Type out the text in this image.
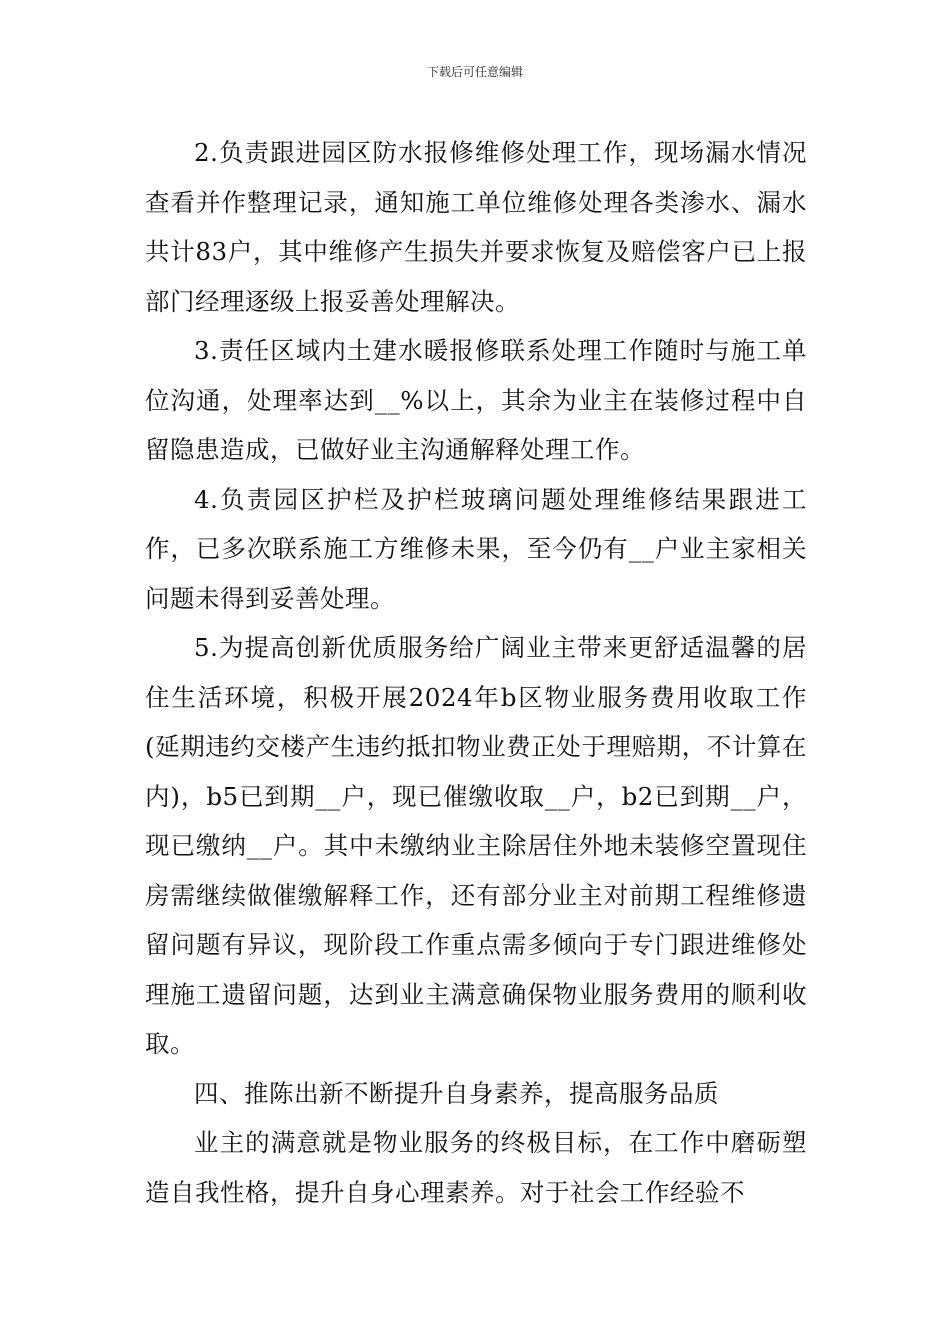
下载后可任意编辑

2.负责跟进园区防水报修维修处理工作，现场漏水情况查看并作整理记录，通知施工单位维修处理各类渗水、漏水共计83户，其中维修产生损失并要求恢复及赔偿客户已上报部门经理逐级上报妥善处理解决。

3.责任区域内土建水暖报修联系处理工作随时与施工单位沟通，处理率达到__%以上，其余为业主在装修过程中自留隐患造成，已做好业主沟通解释处理工作。

4.负责园区护栏及护栏玻璃问题处理维修结果跟进工作，已多次联系施工方维修未果，至今仍有__户业主家相关问题未得到妥善处理。

5.为提高创新优质服务给广阔业主带来更舒适温馨的居住生活环境，积极开展2024年b区物业服务费用收取工作(延期违约交楼产生违约抵扣物业费正处于理赔期，不计算在内)，b5已到期__户，现已催缴收取__户，b2已到期__户，现已缴纳__户。其中未缴纳业主除居住外地未装修空置现住房需继续做催缴解释工作，还有部分业主对前期工程维修遗留问题有异议，现阶段工作重点需多倾向于专门跟进维修处理施工遗留问题，达到业主满意确保物业服务费用的顺利收取。

四、推陈出新不断提升自身素养，提高服务品质

业主的满意就是物业服务的终极目标，在工作中磨砺塑造自我性格，提升自身心理素养。对于社会工作经验不
